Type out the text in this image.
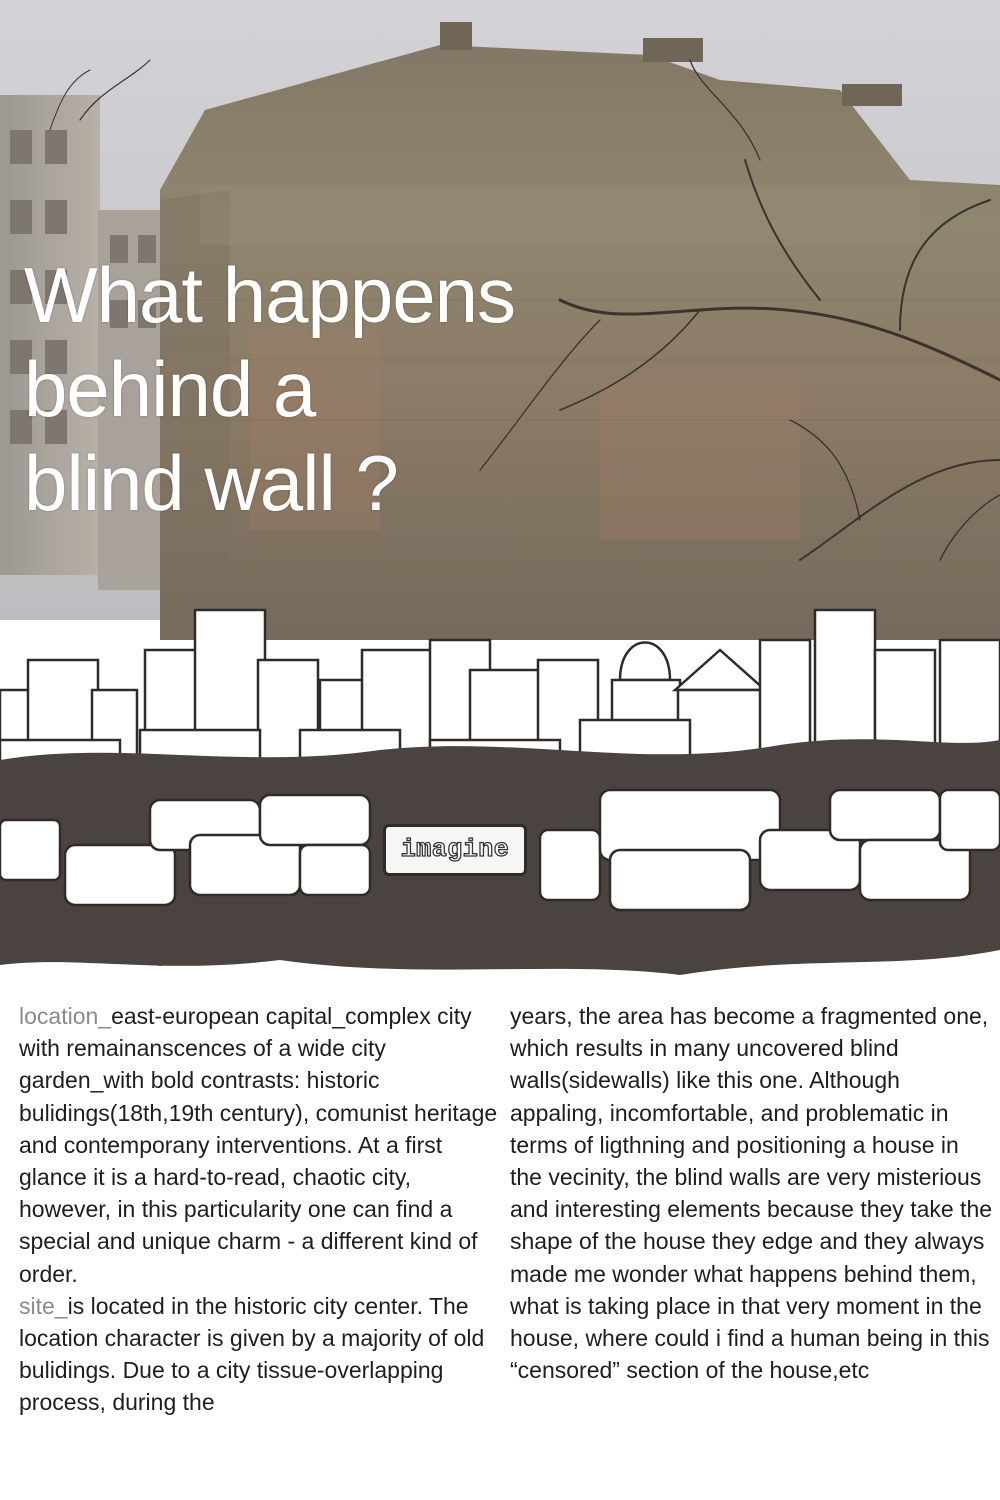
What happens
behind a
blind wall ?
imagine

location_east-european capital_complex city with remainanscences of a wide city garden_with bold contrasts: historic bulidings(18th,19th century), comunist heritage and contemporany interventions. At a first glance it is a hard-to-read, chaotic city, however, in this particularity one can find a special and unique charm - a different kind of order.

site_is located in the historic city center. The location character is given by a majority of old bulidings. Due to a city tissue-overlapping process, during the

years, the area has become a fragmented one, which results in many uncovered blind walls(sidewalls) like this one. Although appaling, incomfortable, and problematic in terms of ligthning and positioning a house in the vecinity, the blind walls are very misterious and interesting elements because they take the shape of the house they edge and they always made me wonder what happens behind them, what is taking place in that very moment in the house, where could i find a human being in this “censored” section of the house,etc
